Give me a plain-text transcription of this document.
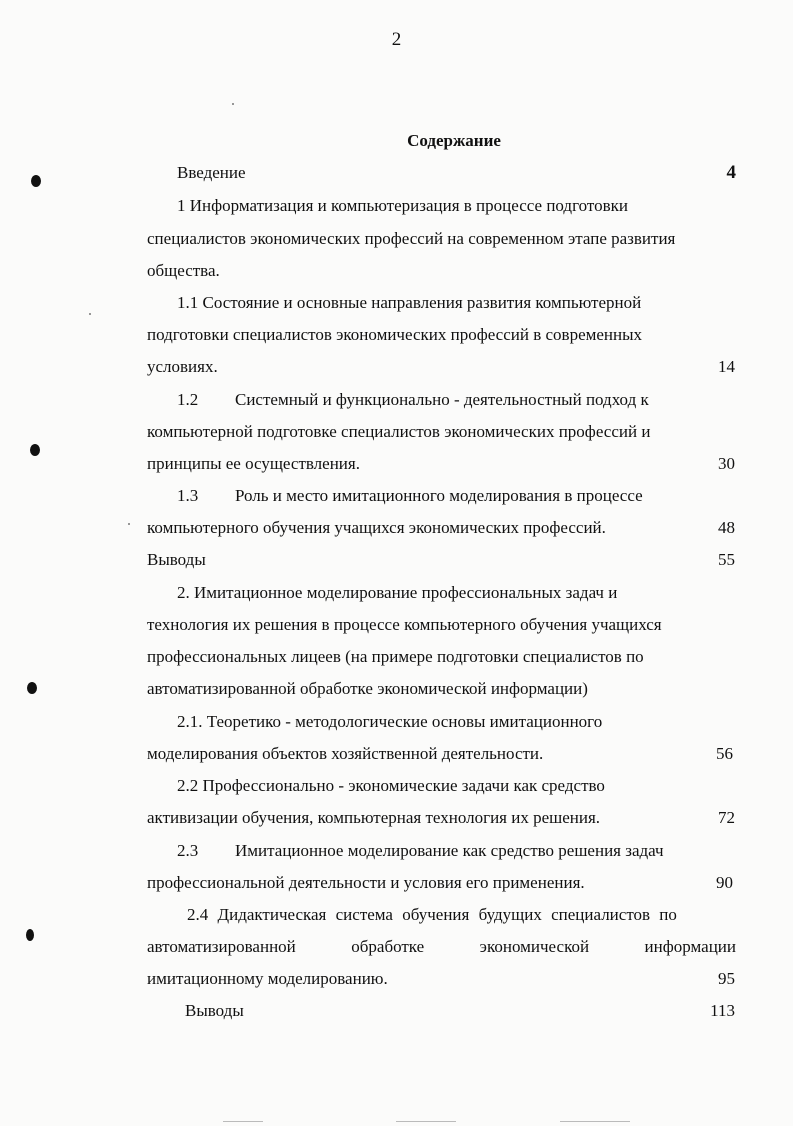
2
Содержание
Введение	4
1 Информатизация и компьютеризация в процессе подготовки
специалистов экономических профессий на современном этапе развития
общества.
1.1 Состояние и основные направления развития компьютерной
подготовки специалистов экономических профессий в современных
условиях.	14
1.2 Системный и функционально - деятельностный подход к
компьютерной подготовке специалистов экономических профессий и
принципы ее осуществления.	30
1.3 Роль и место имитационного моделирования в процессе
компьютерного обучения учащихся экономических профессий.	48
Выводы	55
2. Имитационное моделирование профессиональных задач и
технология их решения в процессе компьютерного обучения учащихся
профессиональных лицеев (на примере подготовки специалистов по
автоматизированной обработке экономической информации)
2.1. Теоретико - методологические основы имитационного
моделирования объектов хозяйственной деятельности.	56
2.2 Профессионально - экономические задачи как средство
активизации обучения, компьютерная технология их решения.	72
2.3 Имитационное моделирование как средство решения задач
профессиональной деятельности и условия его применения.	90
2.4 Дидактическая система обучения будущих специалистов по
автоматизированной обработке экономической информации
имитационному моделированию.	95
Выводы	113
